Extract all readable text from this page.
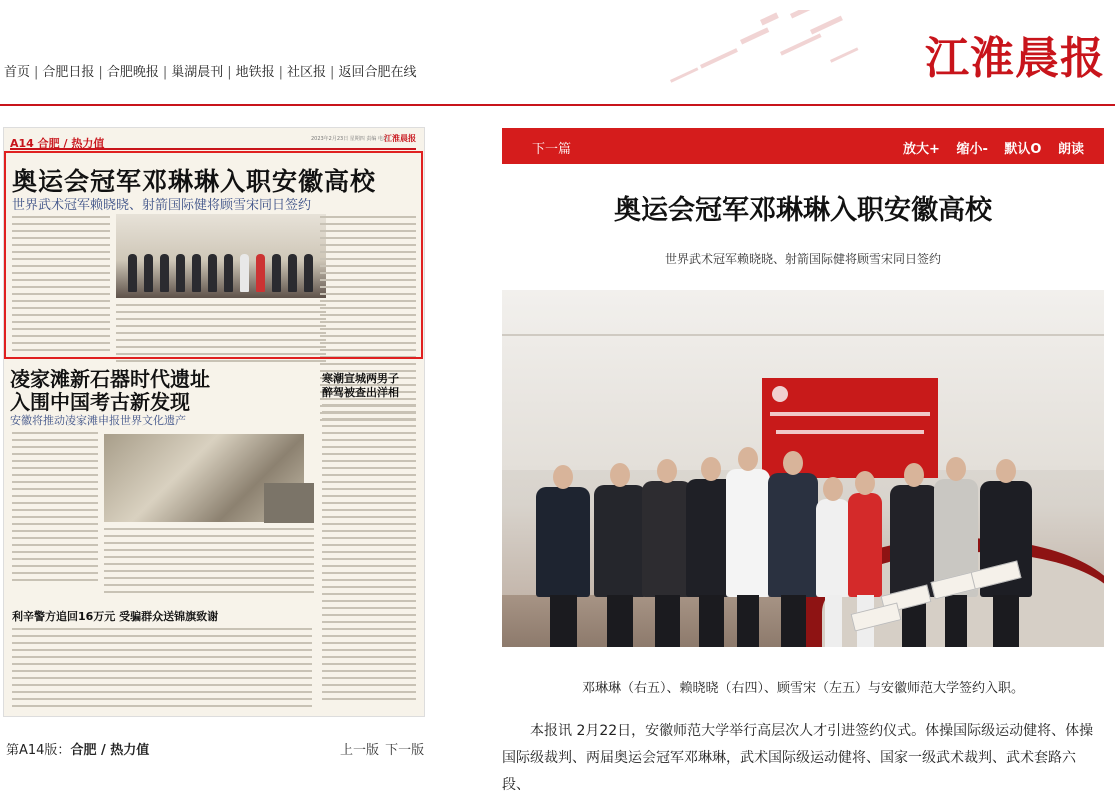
首页 | 合肥日报 | 合肥晚报 | 巢湖晨刊 | 地铁报 | 社区报 | 返回合肥在线	江淮晨报
A14 合肥 / 热力值	2023年2月23日 星期四 责编 电话
江淮晨报
奥运会冠军邓琳琳入职安徽高校
世界武术冠军赖晓晓、射箭国际健将顾雪宋同日签约
凌家滩新石器时代遗址
入围中国考古新发现
安徽将推动凌家滩申报世界文化遗产
寒潮宣城两男子
醉驾被查出洋相
利辛警方追回16万元 受骗群众送锦旗致谢
第A14版：合肥 / 热力值	上一版 下一版
下一篇	放大+ 缩小- 默认O 朗读
奥运会冠军邓琳琳入职安徽高校
世界武术冠军赖晓晓、射箭国际健将顾雪宋同日签约
邓琳琳（右五）、赖晓晓（右四）、顾雪宋（左五）与安徽师范大学签约入职。
本报讯 2月22日，安徽师范大学举行高层次人才引进签约仪式。体操国际级运动健将、体操国际级裁判、两届奥运会冠军邓琳琳，武术国际级运动健将、国家一级武术裁判、武术套路六段、
